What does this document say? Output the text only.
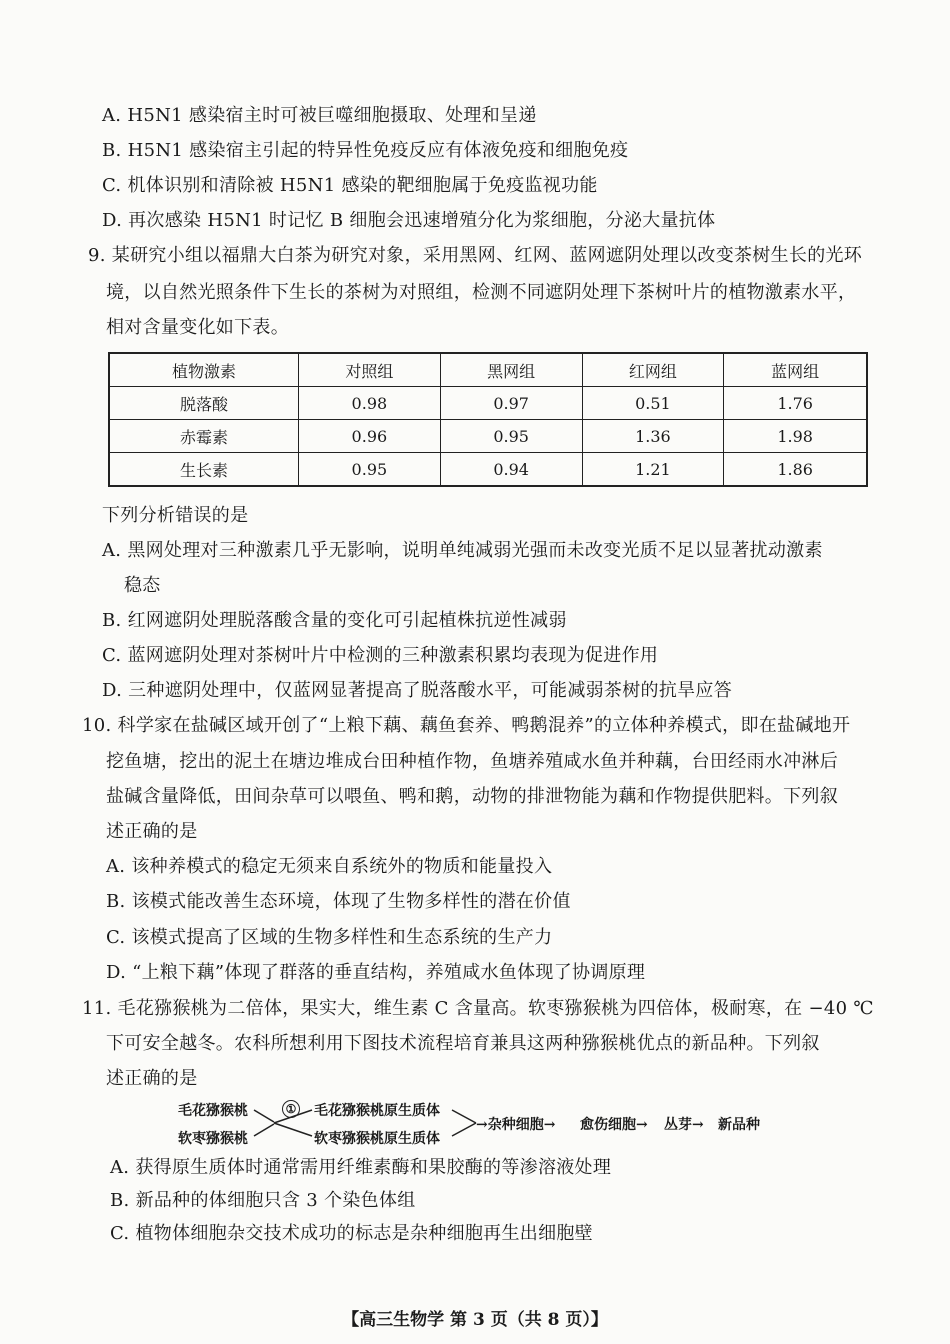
A. H5N1 感染宿主时可被巨噬细胞摄取、处理和呈递
B. H5N1 感染宿主引起的特异性免疫反应有体液免疫和细胞免疫
C. 机体识别和清除被 H5N1 感染的靶细胞属于免疫监视功能
D. 再次感染 H5N1 时记忆 B 细胞会迅速增殖分化为浆细胞，分泌大量抗体
9. 某研究小组以福鼎大白茶为研究对象，采用黑网、红网、蓝网遮阴处理以改变茶树生长的光环
境，以自然光照条件下生长的茶树为对照组，检测不同遮阴处理下茶树叶片的植物激素水平，
相对含量变化如下表。
植物激素	对照组	黑网组	红网组	蓝网组
脱落酸	0.98	0.97	0.51	1.76
赤霉素	0.96	0.95	1.36	1.98
生长素	0.95	0.94	1.21	1.86
下列分析错误的是
A. 黑网处理对三种激素几乎无影响，说明单纯减弱光强而未改变光质不足以显著扰动激素
稳态
B. 红网遮阴处理脱落酸含量的变化可引起植株抗逆性减弱
C. 蓝网遮阴处理对茶树叶片中检测的三种激素积累均表现为促进作用
D. 三种遮阴处理中，仅蓝网显著提高了脱落酸水平，可能减弱茶树的抗旱应答
10. 科学家在盐碱区域开创了“上粮下藕、藕鱼套养、鸭鹅混养”的立体种养模式，即在盐碱地开
挖鱼塘，挖出的泥土在塘边堆成台田种植作物，鱼塘养殖咸水鱼并种藕，台田经雨水冲淋后
盐碱含量降低，田间杂草可以喂鱼、鸭和鹅，动物的排泄物能为藕和作物提供肥料。下列叙
述正确的是
A. 该种养模式的稳定无须来自系统外的物质和能量投入
B. 该模式能改善生态环境，体现了生物多样性的潜在价值
C. 该模式提高了区域的生物多样性和生态系统的生产力
D. “上粮下藕”体现了群落的垂直结构，养殖咸水鱼体现了协调原理
11. 毛花猕猴桃为二倍体，果实大，维生素 C 含量高。软枣猕猴桃为四倍体，极耐寒，在 −40 ℃
下可安全越冬。农科所想利用下图技术流程培育兼具这两种猕猴桃优点的新品种。下列叙
述正确的是
毛花猕猴桃
软枣猕猴桃
① 毛花猕猴桃原生质体
软枣猕猴桃原生质体
→杂种细胞→ 愈伤细胞→ 丛芽→ 新品种
A. 获得原生质体时通常需用纤维素酶和果胶酶的等渗溶液处理
B. 新品种的体细胞只含 3 个染色体组
C. 植物体细胞杂交技术成功的标志是杂种细胞再生出细胞壁
【高三生物学 第 3 页（共 8 页）】
